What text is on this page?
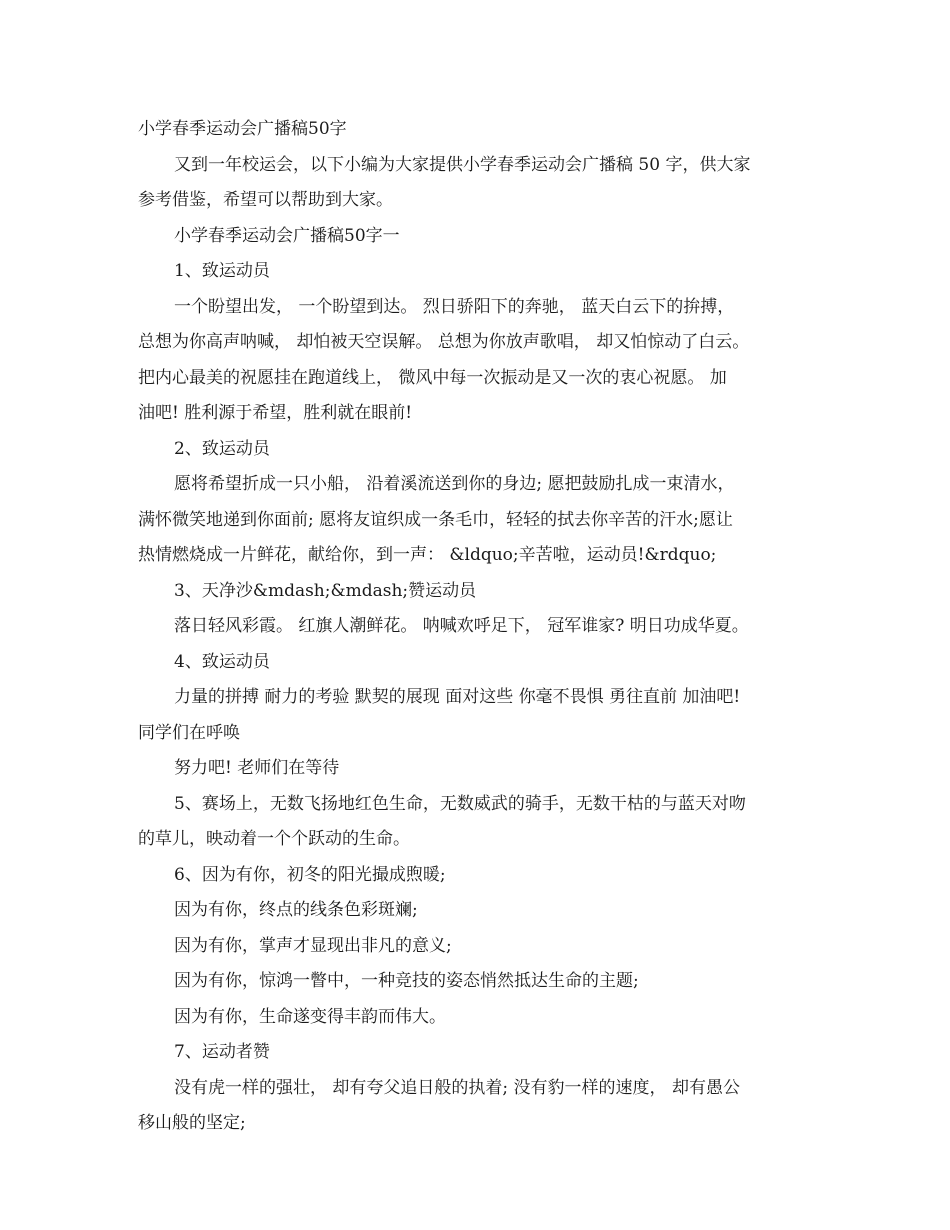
小学春季运动会广播稿50字
又到一年校运会，以下小编为大家提供小学春季运动会广播稿 50 字，供大家
参考借鉴，希望可以帮助到大家。
小学春季运动会广播稿50字一
1、致运动员
一个盼望出发， 一个盼望到达。 烈日骄阳下的奔驰， 蓝天白云下的拚搏，
总想为你高声呐喊， 却怕被天空误解。 总想为你放声歌唱， 却又怕惊动了白云。
把内心最美的祝愿挂在跑道线上， 微风中每一次振动是又一次的衷心祝愿。 加
油吧! 胜利源于希望，胜利就在眼前!
2、致运动员
愿将希望折成一只小船， 沿着溪流送到你的身边; 愿把鼓励扎成一束清水，
满怀微笑地递到你面前; 愿将友谊织成一条毛巾，轻轻的拭去你辛苦的汗水;愿让
热情燃烧成一片鲜花，献给你，到一声： &ldquo;辛苦啦，运动员!&rdquo;
3、天净沙&mdash;&mdash;赞运动员
落日轻风彩霞。 红旗人潮鲜花。 呐喊欢呼足下， 冠军谁家? 明日功成华夏。
4、致运动员
力量的拼搏 耐力的考验 默契的展现 面对这些 你毫不畏惧 勇往直前 加油吧!
同学们在呼唤
努力吧! 老师们在等待
5、赛场上，无数飞扬地红色生命，无数威武的骑手，无数干枯的与蓝天对吻
的草儿，映动着一个个跃动的生命。
6、因为有你，初冬的阳光撮成煦暖;
因为有你，终点的线条色彩斑斓;
因为有你，掌声才显现出非凡的意义;
因为有你，惊鸿一瞥中，一种竞技的姿态悄然抵达生命的主题;
因为有你，生命遂变得丰韵而伟大。
7、运动者赞
没有虎一样的强壮， 却有夸父追日般的执着; 没有豹一样的速度， 却有愚公
移山般的坚定;
